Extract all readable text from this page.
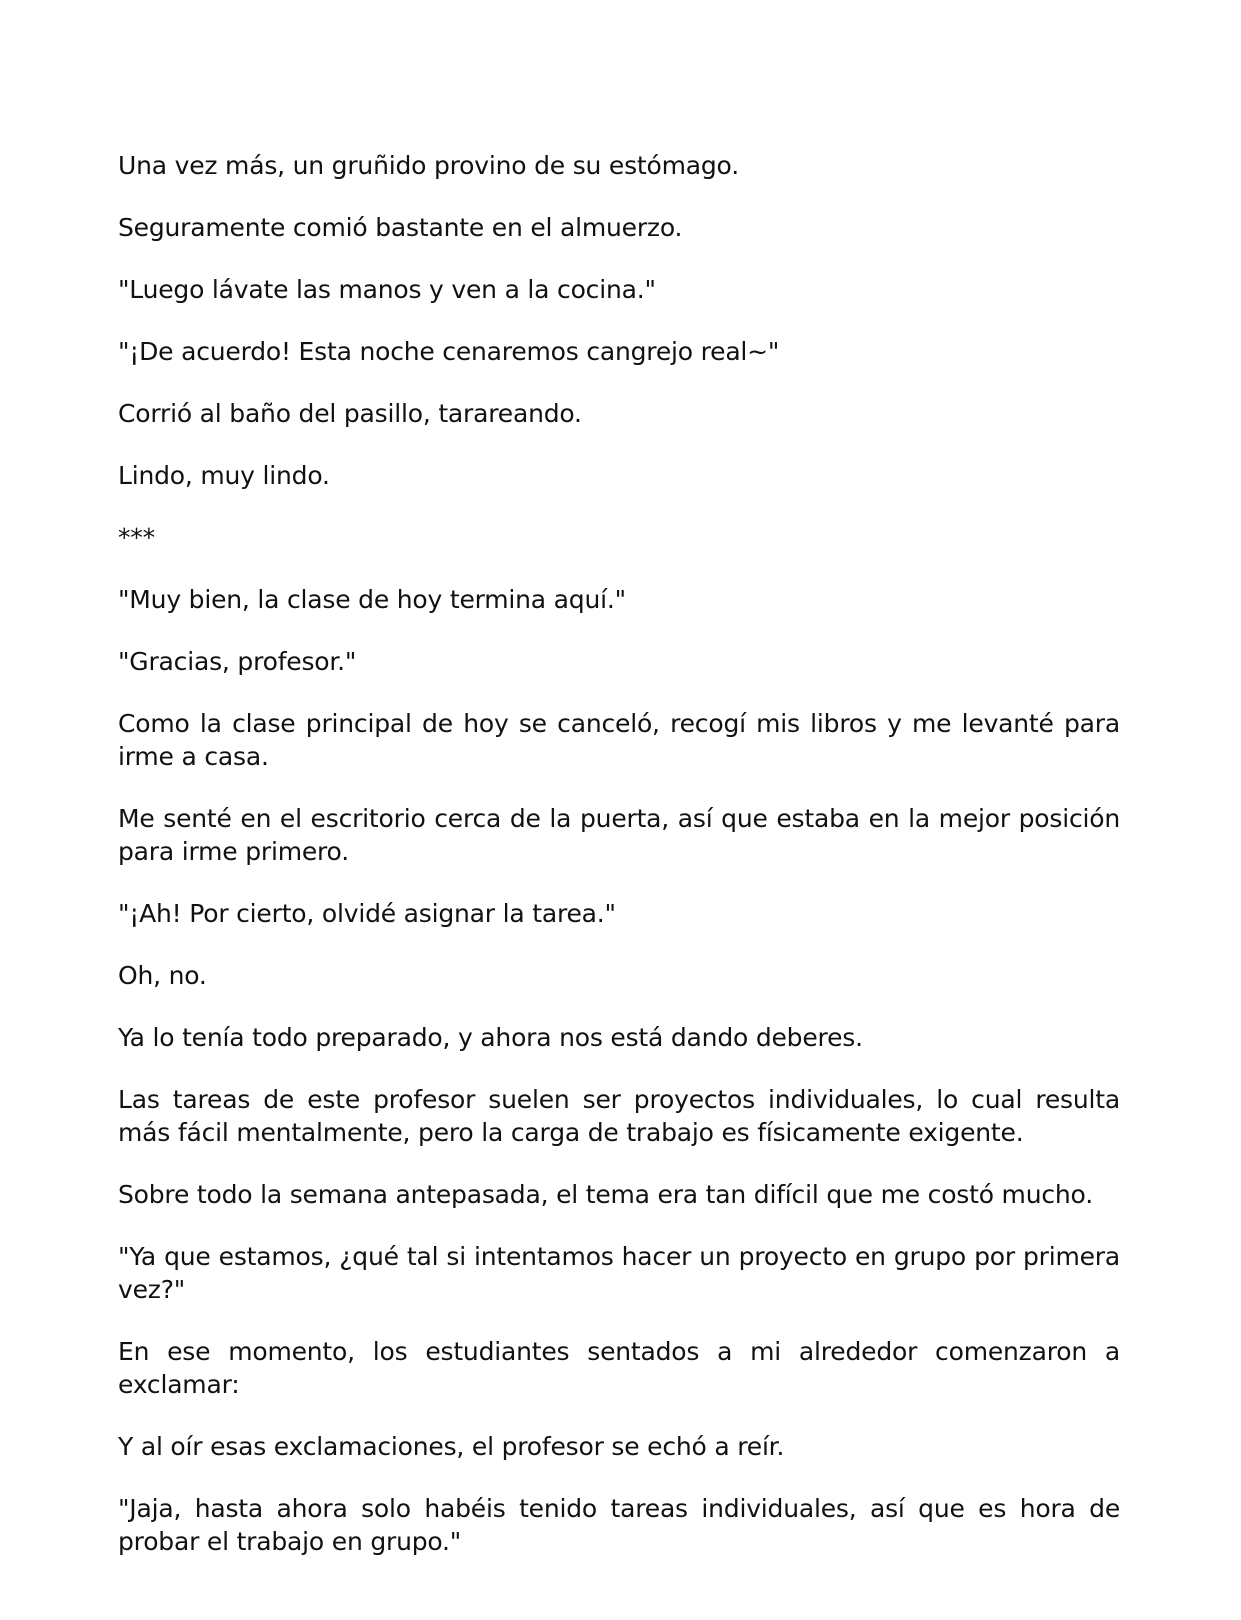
Una vez más, un gruñido provino de su estómago.

Seguramente comió bastante en el almuerzo.

"Luego lávate las manos y ven a la cocina."

"¡De acuerdo! Esta noche cenaremos cangrejo real~"

Corrió al baño del pasillo, tarareando.

Lindo, muy lindo.

***

"Muy bien, la clase de hoy termina aquí."

"Gracias, profesor."

Como la clase principal de hoy se canceló, recogí mis libros y me levanté para irme a casa.

Me senté en el escritorio cerca de la puerta, así que estaba en la mejor posición para irme primero.

"¡Ah! Por cierto, olvidé asignar la tarea."

Oh, no.

Ya lo tenía todo preparado, y ahora nos está dando deberes.

Las tareas de este profesor suelen ser proyectos individuales, lo cual resulta más fácil mentalmente, pero la carga de trabajo es físicamente exigente.

Sobre todo la semana antepasada, el tema era tan difícil que me costó mucho.

"Ya que estamos, ¿qué tal si intentamos hacer un proyecto en grupo por primera vez?"

En ese momento, los estudiantes sentados a mi alrededor comenzaron a exclamar:

Y al oír esas exclamaciones, el profesor se echó a reír.

"Jaja, hasta ahora solo habéis tenido tareas individuales, así que es hora de probar el trabajo en grupo."
